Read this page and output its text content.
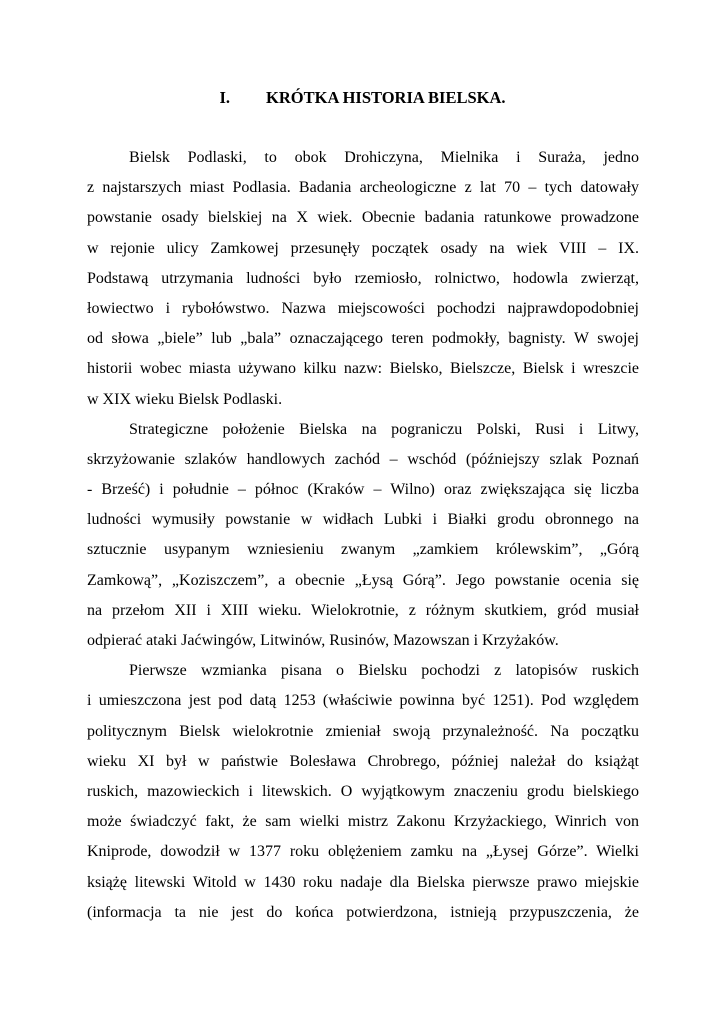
I. KRÓTKA HISTORIA BIELSKA.
Bielsk Podlaski, to obok Drohiczyna, Mielnika i Suraża, jedno
z najstarszych miast Podlasia. Badania archeologiczne z lat 70 – tych datowały
powstanie osady bielskiej na X wiek. Obecnie badania ratunkowe prowadzone
w rejonie ulicy Zamkowej przesunęły początek osady na wiek VIII – IX.
Podstawą utrzymania ludności było rzemiosło, rolnictwo, hodowla zwierząt,
łowiectwo i rybołówstwo. Nazwa miejscowości pochodzi najprawdopodobniej
od słowa „biele” lub „bala” oznaczającego teren podmokły, bagnisty. W swojej
historii wobec miasta używano kilku nazw: Bielsko, Bielszcze, Bielsk i wreszcie
w XIX wieku Bielsk Podlaski.
Strategiczne położenie Bielska na pograniczu Polski, Rusi i Litwy,
skrzyżowanie szlaków handlowych zachód – wschód (późniejszy szlak Poznań
- Brześć) i południe – północ (Kraków – Wilno) oraz zwiększająca się liczba
ludności wymusiły powstanie w widłach Lubki i Białki grodu obronnego na
sztucznie usypanym wzniesieniu zwanym „zamkiem królewskim”, „Górą
Zamkową”, „Koziszczem”, a obecnie „Łysą Górą”. Jego powstanie ocenia się
na przełom XII i XIII wieku. Wielokrotnie, z różnym skutkiem, gród musiał
odpierać ataki Jaćwingów, Litwinów, Rusinów, Mazowszan i Krzyżaków.
Pierwsze wzmianka pisana o Bielsku pochodzi z latopisów ruskich
i umieszczona jest pod datą 1253 (właściwie powinna być 1251). Pod względem
politycznym Bielsk wielokrotnie zmieniał swoją przynależność. Na początku
wieku XI był w państwie Bolesława Chrobrego, później należał do książąt
ruskich, mazowieckich i litewskich. O wyjątkowym znaczeniu grodu bielskiego
może świadczyć fakt, że sam wielki mistrz Zakonu Krzyżackiego, Winrich von
Kniprode, dowodził w 1377 roku oblężeniem zamku na „Łysej Górze”. Wielki
książę litewski Witold w 1430 roku nadaje dla Bielska pierwsze prawo miejskie
(informacja ta nie jest do końca potwierdzona, istnieją przypuszczenia, że
